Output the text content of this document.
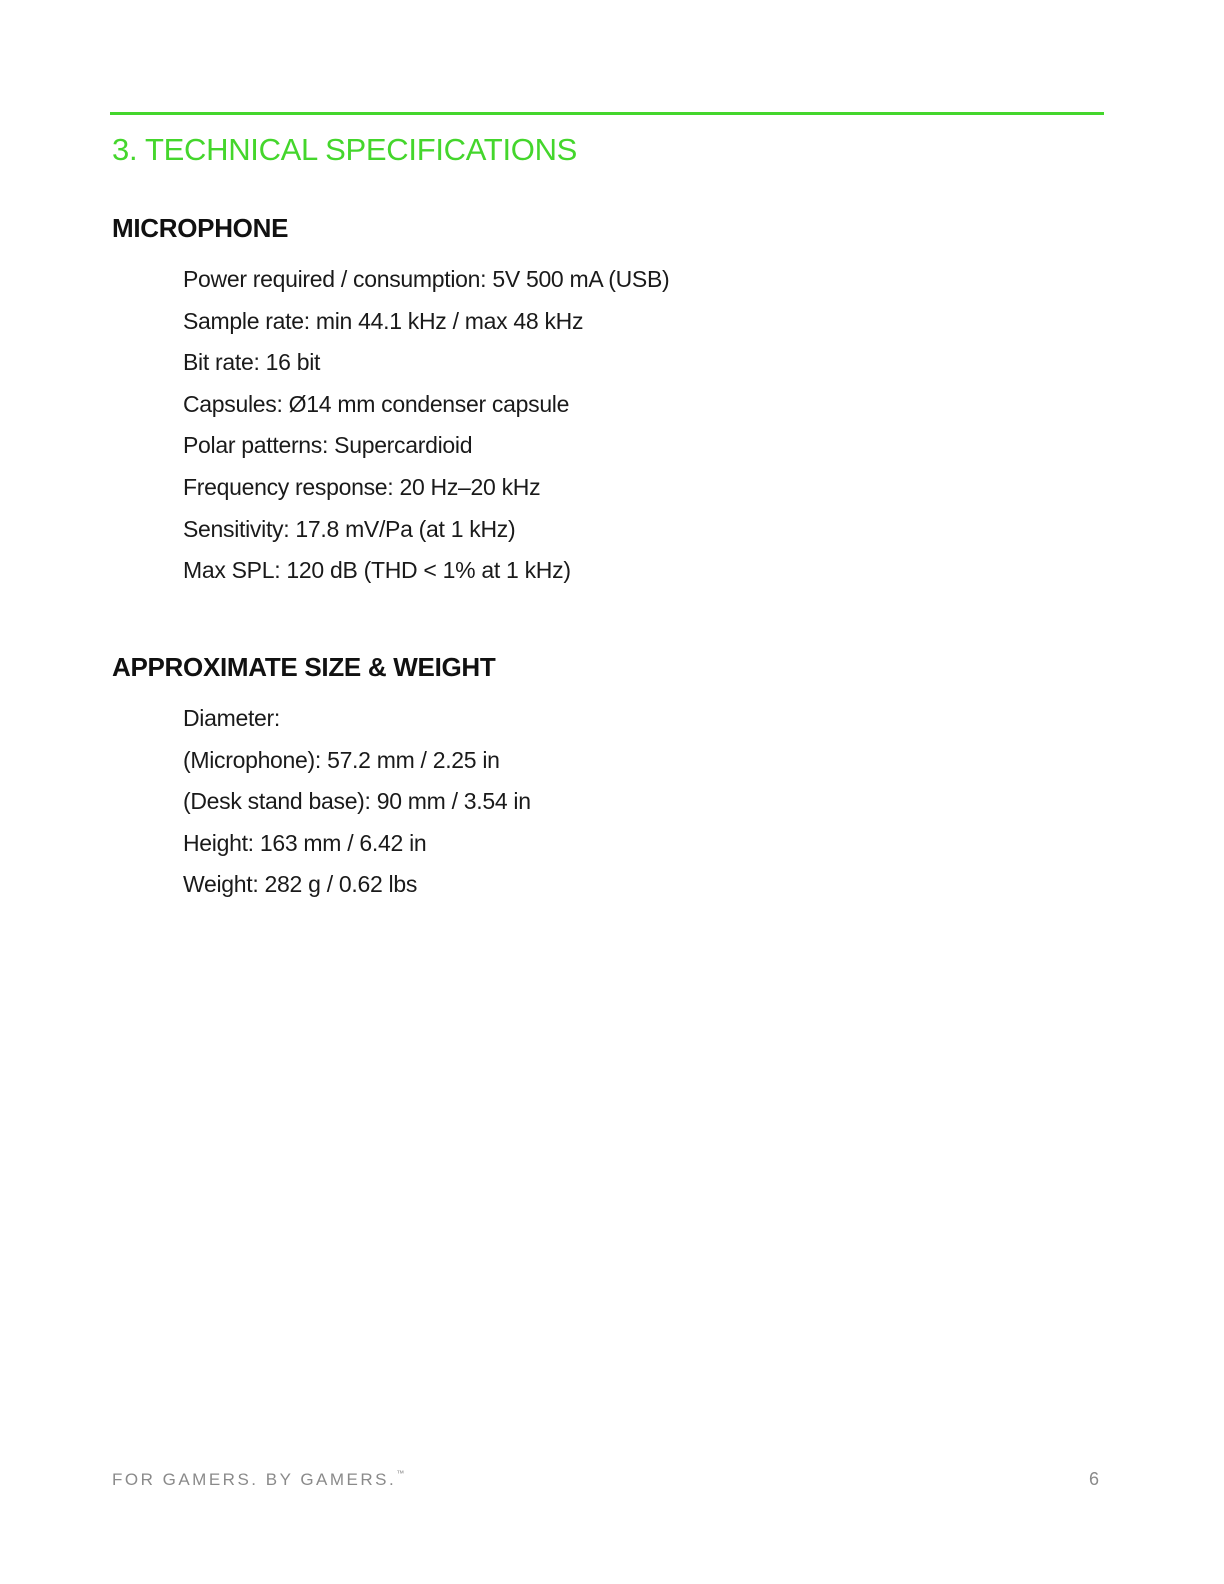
3. TECHNICAL SPECIFICATIONS
MICROPHONE
Power required / consumption: 5V 500 mA (USB)
Sample rate: min 44.1 kHz / max 48 kHz
Bit rate: 16 bit
Capsules: Ø14 mm condenser capsule
Polar patterns: Supercardioid
Frequency response: 20 Hz–20 kHz
Sensitivity: 17.8 mV/Pa (at 1 kHz)
Max SPL: 120 dB (THD < 1% at 1 kHz)
APPROXIMATE SIZE & WEIGHT
Diameter:
(Microphone): 57.2 mm / 2.25 in
(Desk stand base): 90 mm / 3.54 in
Height: 163 mm / 6.42 in
Weight: 282 g / 0.62 lbs
FOR GAMERS. BY GAMERS.™	6
